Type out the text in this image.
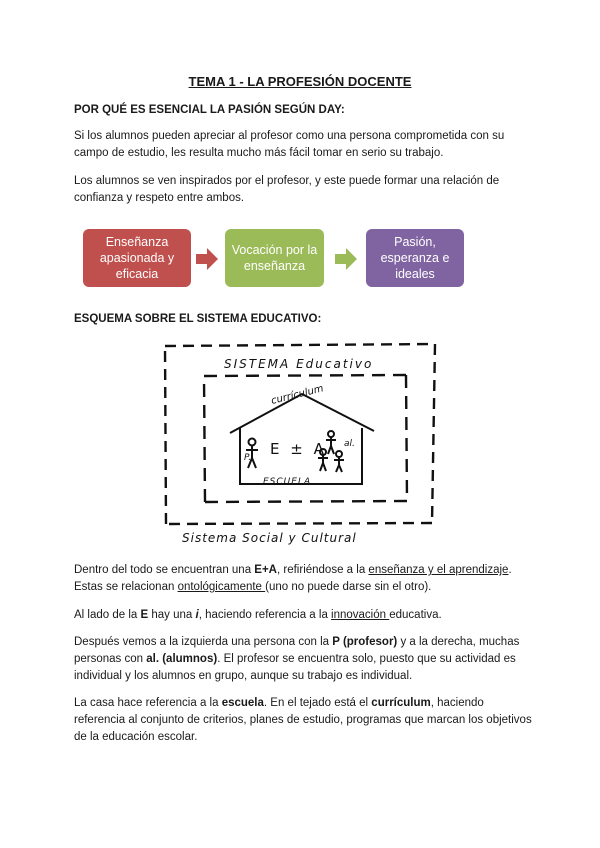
TEMA 1 - LA PROFESIÓN DOCENTE
POR QUÉ ES ESENCIAL LA PASIÓN SEGÚN DAY:
Si los alumnos pueden apreciar al profesor como una persona comprometida con su campo de estudio, les resulta mucho más fácil tomar en serio su trabajo.
Los alumnos se ven inspirados por el profesor, y este puede formar una relación de confianza y respeto entre ambos.
Enseñanza apasionada y eficacia
Vocación por la enseñanza
Pasión, esperanza e ideales
ESQUEMA SOBRE EL SISTEMA EDUCATIVO:
SISTEMA Educativo
currículum
ESCUELA
E ± A
P.
al.
Sistema Social y Cultural
Dentro del todo se encuentran una E+A, refiriéndose a la enseñanza y el aprendizaje. Estas se relacionan ontológicamente (uno no puede darse sin el otro).
Al lado de la E hay una i, haciendo referencia a la innovación educativa.
Después vemos a la izquierda una persona con la P (profesor) y a la derecha, muchas personas con al. (alumnos). El profesor se encuentra solo, puesto que su actividad es individual y los alumnos en grupo, aunque su trabajo es individual.
La casa hace referencia a la escuela. En el tejado está el currículum, haciendo referencia al conjunto de criterios, planes de estudio, programas que marcan los objetivos de la educación escolar.
